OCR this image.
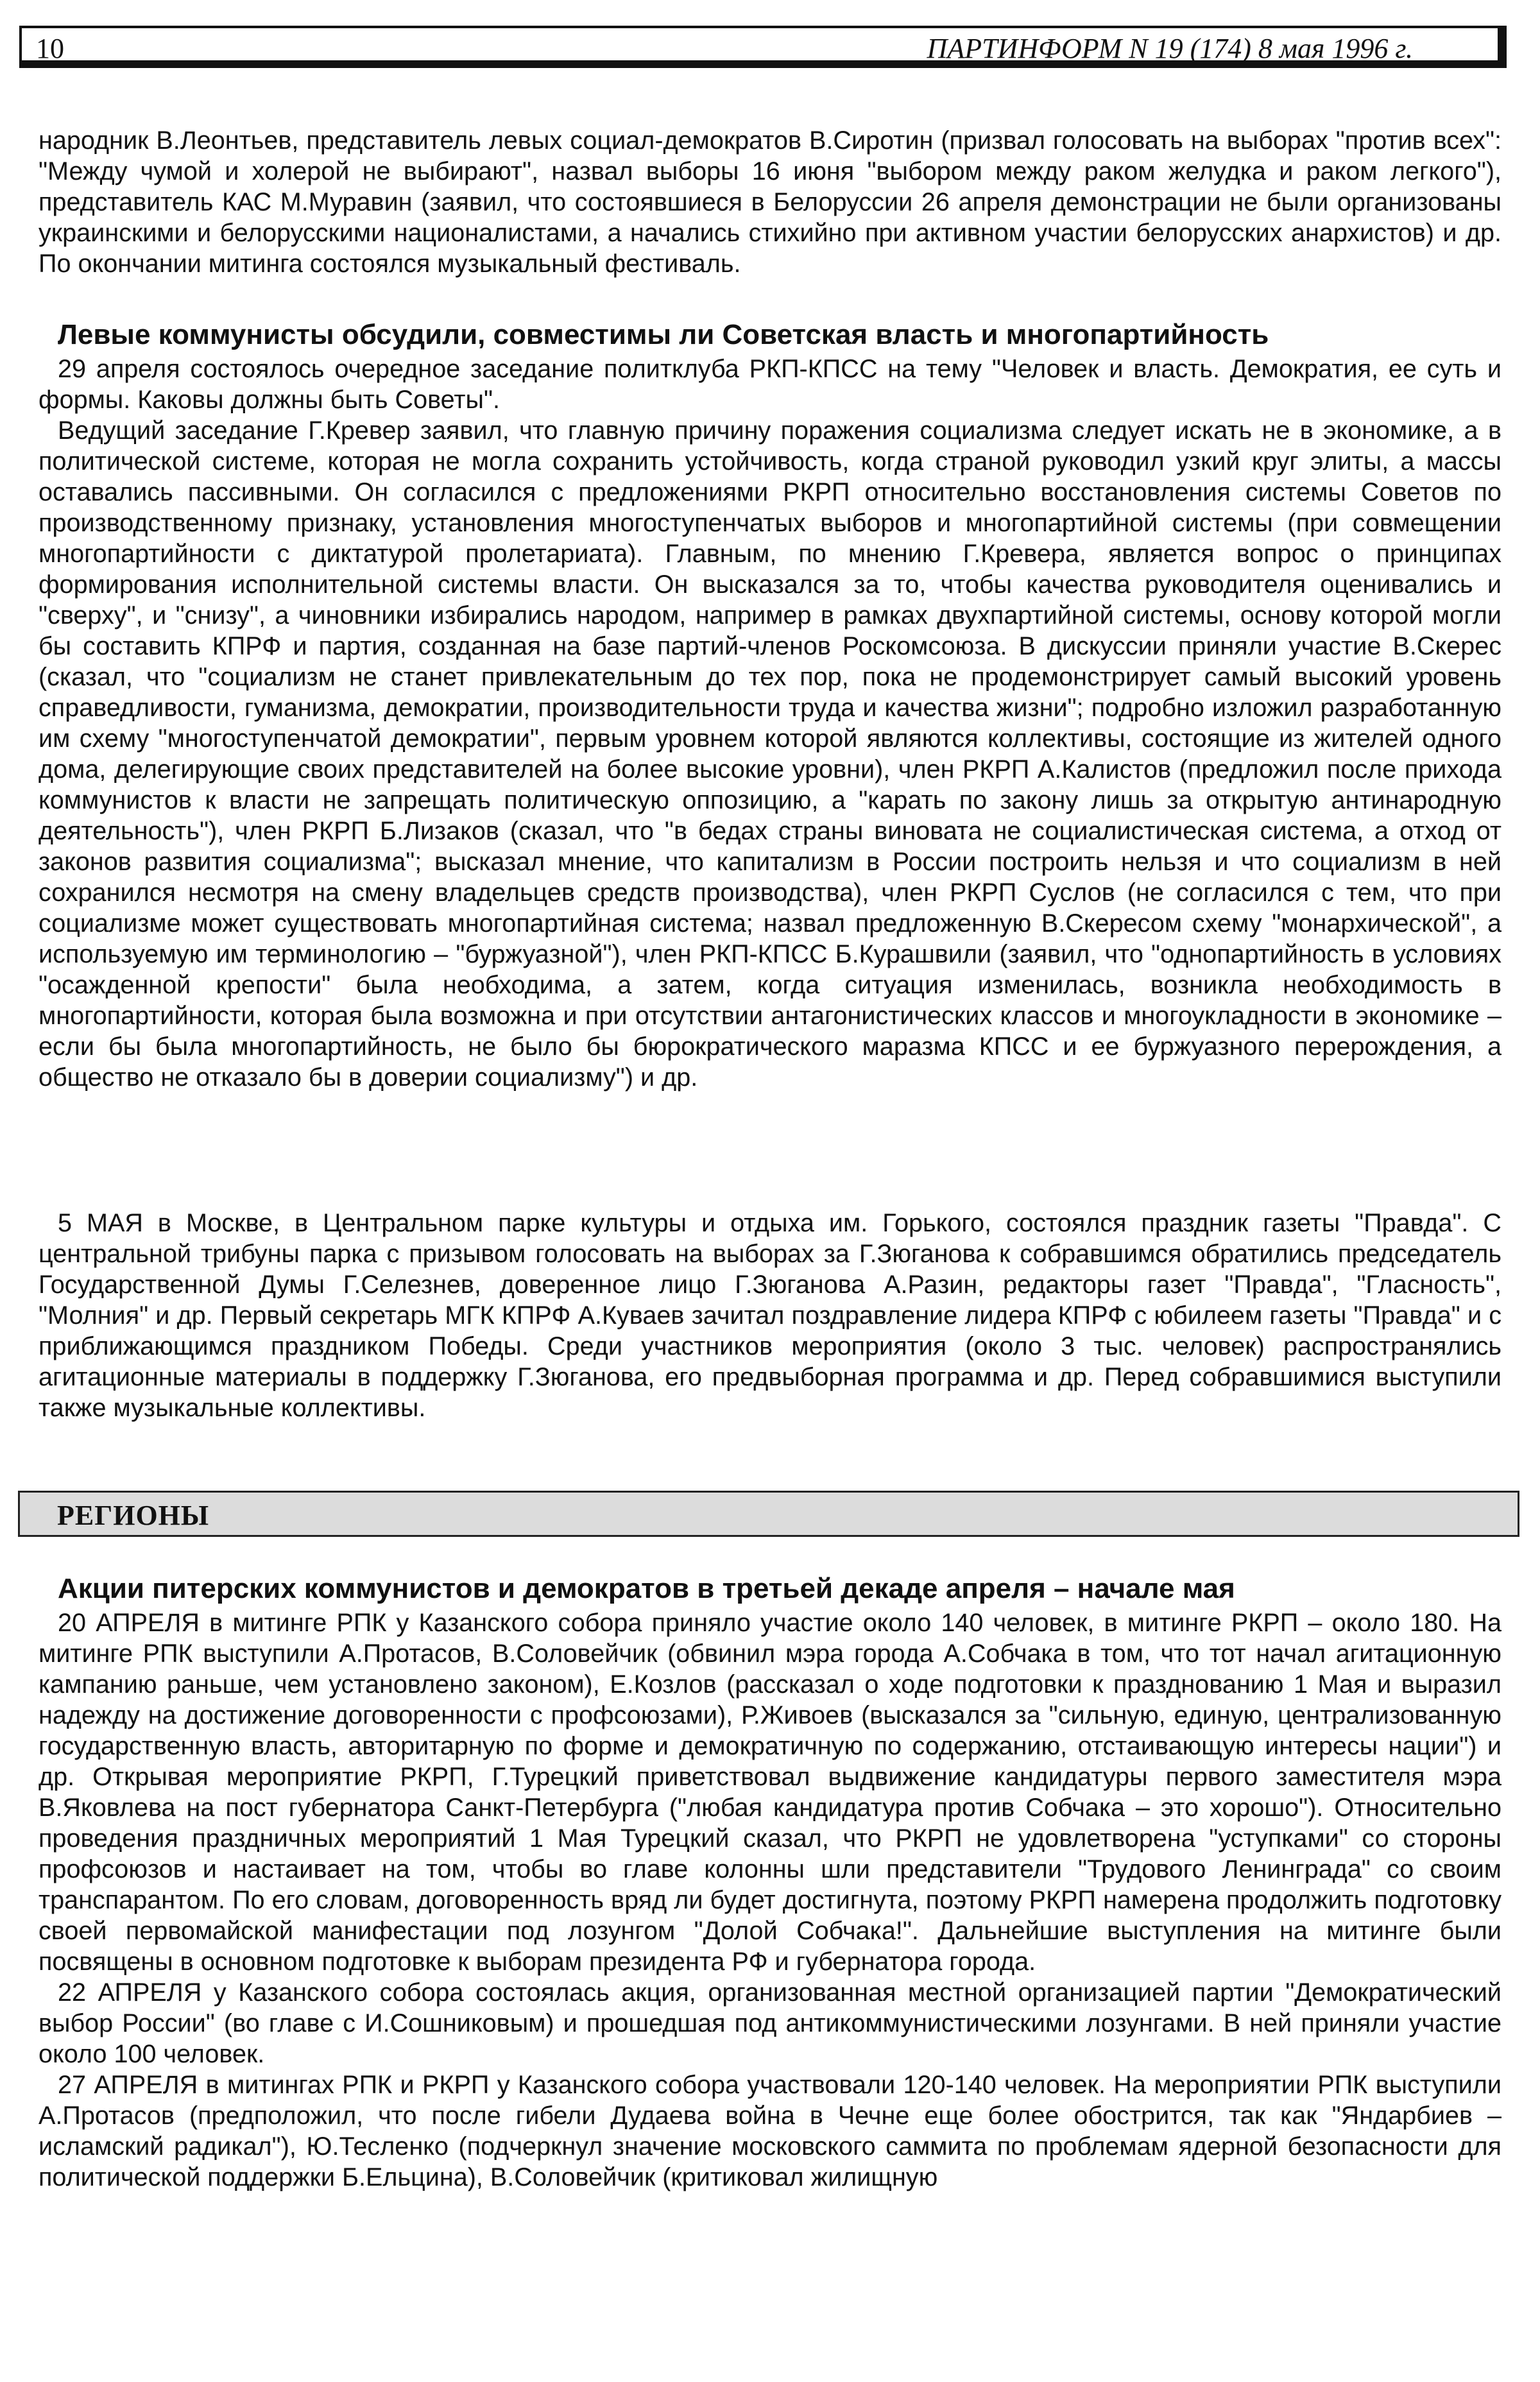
10	ПАРТИНФОРМ N 19 (174) 8 мая 1996 г.

народник В.Леонтьев, представитель левых социал-демократов В.Сиротин (призвал голосовать на выборах "против всех": "Между чумой и холерой не выбирают", назвал выборы 16 июня "выбором между раком желудка и раком легкого"), представитель КАС М.Муравин (заявил, что состоявшиеся в Белоруссии 26 апреля демонстрации не были организованы украинскими и белорусскими националистами, а начались стихийно при активном участии белорусских анархистов) и др. По окончании митинга состоялся музыкальный фестиваль.

Левые коммунисты обсудили, совместимы ли Советская власть и многопартийность

29 апреля состоялось очередное заседание политклуба РКП-КПСС на тему "Человек и власть. Демократия, ее суть и формы. Каковы должны быть Советы".

Ведущий заседание Г.Кревер заявил, что главную причину поражения социализма следует искать не в экономике, а в политической системе, которая не могла сохранить устойчивость, когда страной руководил узкий круг элиты, а массы оставались пассивными. Он согласился с предложениями РКРП относительно восстановления системы Советов по производственному признаку, установления многоступенчатых выборов и многопартийной системы (при совмещении многопартийности с диктатурой пролетариата). Главным, по мнению Г.Кревера, является вопрос о принципах формирования исполнительной системы власти. Он высказался за то, чтобы качества руководителя оценивались и "сверху", и "снизу", а чиновники избирались народом, например в рамках двухпартийной системы, основу которой могли бы составить КПРФ и партия, созданная на базе партий-членов Роскомсоюза. В дискуссии приняли участие В.Скерес (сказал, что "социализм не станет привлекательным до тех пор, пока не продемонстрирует самый высокий уровень справедливости, гуманизма, демократии, производительности труда и качества жизни"; подробно изложил разработанную им схему "многоступенчатой демократии", первым уровнем которой являются коллективы, состоящие из жителей одного дома, делегирующие своих представителей на более высокие уровни), член РКРП А.Калистов (предложил после прихода коммунистов к власти не запрещать политическую оппозицию, а "карать по закону лишь за открытую антинародную деятельность"), член РКРП Б.Лизаков (сказал, что "в бедах страны виновата не социалистическая система, а отход от законов развития социализма"; высказал мнение, что капитализм в России построить нельзя и что социализм в ней сохранился несмотря на смену владельцев средств производства), член РКРП Суслов (не согласился с тем, что при социализме может существовать многопартийная система; назвал предложенную В.Скересом схему "монархической", а используемую им терминологию – "буржуазной"), член РКП-КПСС Б.Курашвили (заявил, что "однопартийность в условиях "осажденной крепости" была необходима, а затем, когда ситуация изменилась, возникла необходимость в многопартийности, которая была возможна и при отсутствии антагонистических классов и многоукладности в экономике – если бы была многопартийность, не было бы бюрократического маразма КПСС и ее буржуазного перерождения, а общество не отказало бы в доверии социализму") и др.

5 МАЯ в Москве, в Центральном парке культуры и отдыха им. Горького, состоялся праздник газеты "Правда". С центральной трибуны парка с призывом голосовать на выборах за Г.Зюганова к собравшимся обратились председатель Государственной Думы Г.Селезнев, доверенное лицо Г.Зюганова А.Разин, редакторы газет "Правда", "Гласность", "Молния" и др. Первый секретарь МГК КПРФ А.Куваев зачитал поздравление лидера КПРФ с юбилеем газеты "Правда" и с приближающимся праздником Победы. Среди участников мероприятия (около 3 тыс. человек) распространялись агитационные материалы в поддержку Г.Зюганова, его предвыборная программа и др. Перед собравшимися выступили также музыкальные коллективы.

РЕГИОНЫ
Акции питерских коммунистов и демократов в третьей декаде апреля – начале мая

20 АПРЕЛЯ в митинге РПК у Казанского собора приняло участие около 140 человек, в митинге РКРП – около 180. На митинге РПК выступили А.Протасов, В.Соловейчик (обвинил мэра города А.Собчака в том, что тот начал агитационную кампанию раньше, чем установлено законом), Е.Козлов (рассказал о ходе подготовки к празднованию 1 Мая и выразил надежду на достижение договоренности с профсоюзами), Р.Живоев (высказался за "сильную, единую, централизованную государственную власть, авторитарную по форме и демократичную по содержанию, отстаивающую интересы нации") и др. Открывая мероприятие РКРП, Г.Турецкий приветствовал выдвижение кандидатуры первого заместителя мэра В.Яковлева на пост губернатора Санкт-Петербурга ("любая кандидатура против Собчака – это хорошо"). Относительно проведения праздничных мероприятий 1 Мая Турецкий сказал, что РКРП не удовлетворена "уступками" со стороны профсоюзов и настаивает на том, чтобы во главе колонны шли представители "Трудового Ленинграда" со своим транспарантом. По его словам, договоренность вряд ли будет достигнута, поэтому РКРП намерена продолжить подготовку своей первомайской манифестации под лозунгом "Долой Собчака!". Дальнейшие выступления на митинге были посвящены в основном подготовке к выборам президента РФ и губернатора города.

22 АПРЕЛЯ у Казанского собора состоялась акция, организованная местной организацией партии "Демократический выбор России" (во главе с И.Сошниковым) и прошедшая под антикоммунистическими лозунгами. В ней приняли участие около 100 человек.

27 АПРЕЛЯ в митингах РПК и РКРП у Казанского собора участвовали 120-140 человек. На мероприятии РПК выступили А.Протасов (предположил, что после гибели Дудаева война в Чечне еще более обострится, так как "Яндарбиев – исламский радикал"), Ю.Тесленко (подчеркнул значение московского саммита по проблемам ядерной безопасности для политической поддержки Б.Ельцина), В.Соловейчик (критиковал жилищную
